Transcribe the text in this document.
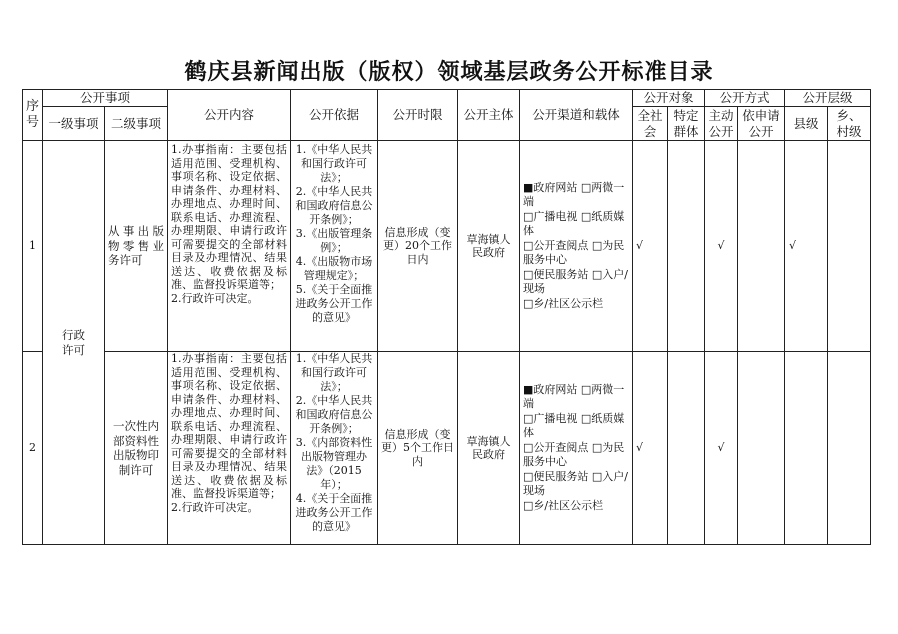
鹤庆县新闻出版（版权）领域基层政务公开标准目录
序号	公开事项		公开内容	公开依据	公开时限	公开主体	公开渠道和载体	公开对象		公开方式		公开层级	
	一级事项	二级事项						全社会	特定群体	主动公开	依申请公开	县级	乡、村级
1	行政许可	从事出版物零售业务许可	1.办事指南：主要包括适用范围、受理机构、事项名称、设定依据、申请条件、办理材料、办理地点、办理时间、联系电话、办理流程、办理期限、申请行政许可需要提交的全部材料目录及办理情况、结果送达、收费依据及标准、监督投诉渠道等；
2.行政许可决定。	1.《中华人民共和国行政许可法》；
2.《中华人民共和国政府信息公开条例》；
3.《出版管理条例》；
4.《出版物市场管理规定》；
5.《关于全面推进政务公开工作的意见》	信息形成（变更）20个工作日内	草海镇人民政府	■政府网站 □两微一端
□广播电视 □纸质媒体
□公开查阅点 □为民服务中心
□便民服务站 □入户/现场
□乡/社区公示栏	√		√		√	
2		一次性内部资料性出版物印制许可	1.办事指南：主要包括适用范围、受理机构、事项名称、设定依据、申请条件、办理材料、办理地点、办理时间、联系电话、办理流程、办理期限、申请行政许可需要提交的全部材料目录及办理情况、结果送达、收费依据及标准、监督投诉渠道等；
2.行政许可决定。	1.《中华人民共和国行政许可法》；
2.《中华人民共和国政府信息公开条例》；
3.《内部资料性出版物管理办法》（2015年）；
4.《关于全面推进政务公开工作的意见》	信息形成（变更）5个工作日内	草海镇人民政府	■政府网站 □两微一端
□广播电视 □纸质媒体
□公开查阅点 □为民服务中心
□便民服务站 □入户/现场
□乡/社区公示栏	√		√			
